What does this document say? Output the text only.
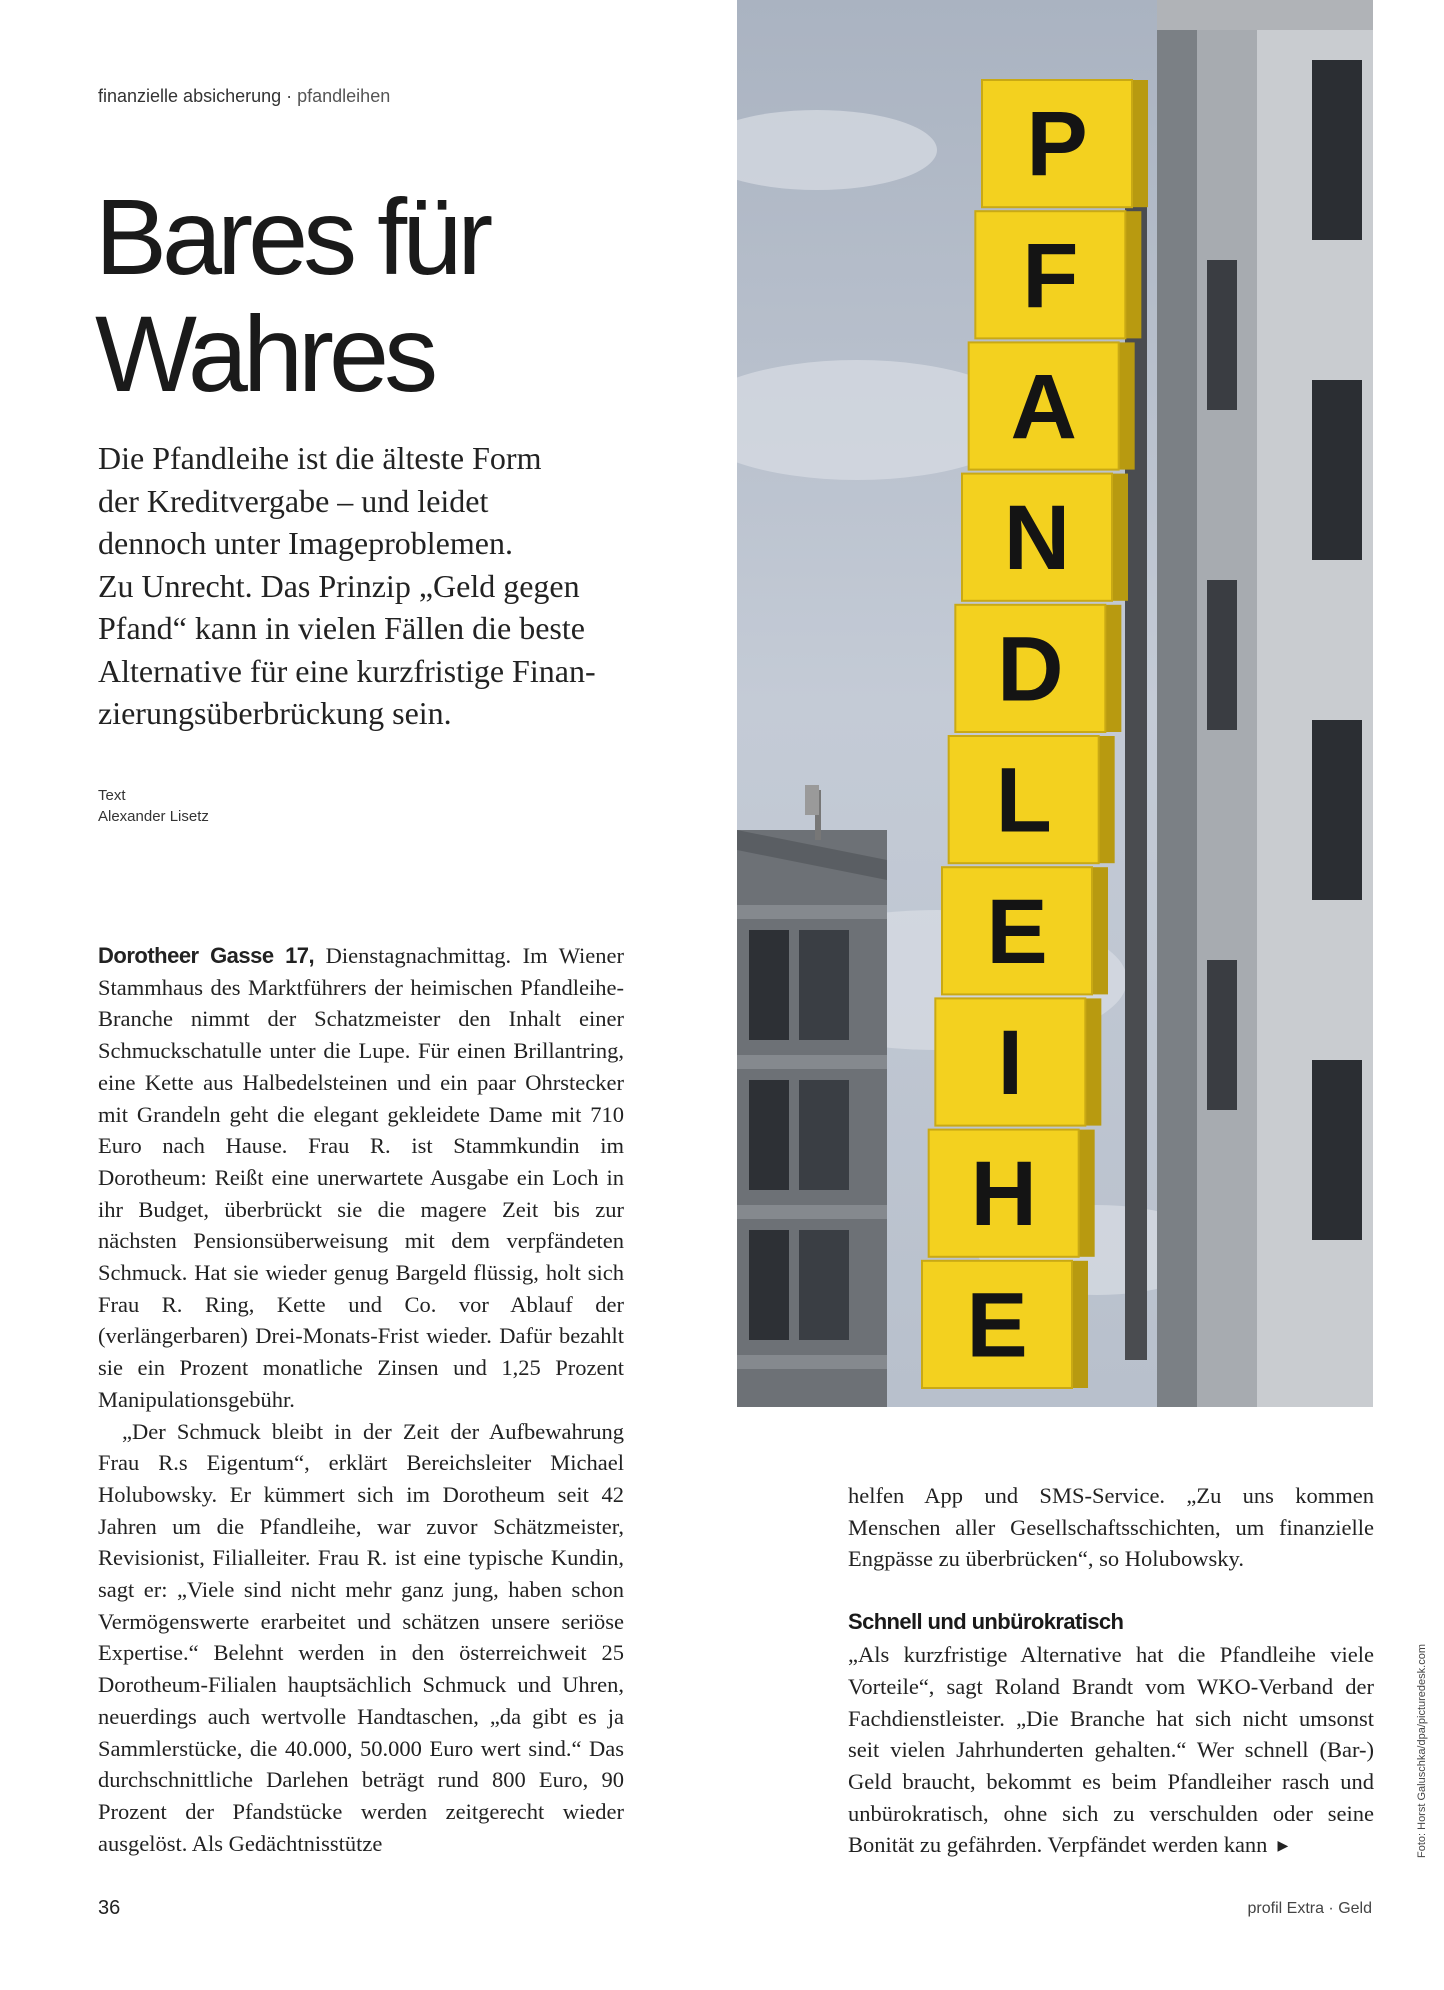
finanzielle absicherung · pfandleihen
Bares für
Wahres
Die Pfandleihe ist die älteste Form
der Kreditvergabe – und leidet
dennoch unter Imageproblemen.
Zu Unrecht. Das Prinzip „Geld gegen
Pfand“ kann in vielen Fällen die beste
Alternative für eine kurzfristige Finan-
zierungsüberbrückung sein.
Text
Alexander Lisetz

Dorotheer Gasse 17, Dienstagnachmittag. Im Wiener Stammhaus des Marktführers der heimischen Pfandleihe-Branche nimmt der Schatzmeister den Inhalt einer Schmuckschatulle unter die Lupe. Für einen Brillantring, eine Kette aus Halbedelsteinen und ein paar Ohrstecker mit Grandeln geht die elegant gekleidete Dame mit 710 Euro nach Hause. Frau R. ist Stammkundin im Dorotheum: Reißt eine unerwartete Ausgabe ein Loch in ihr Budget, überbrückt sie die magere Zeit bis zur nächsten Pensionsüberweisung mit dem verpfändeten Schmuck. Hat sie wieder genug Bargeld flüssig, holt sich Frau R. Ring, Kette und Co. vor Ablauf der (verlängerbaren) Drei-Monats-Frist wieder. Dafür bezahlt sie ein Prozent monatliche Zinsen und 1,25 Prozent Manipulationsgebühr.

„Der Schmuck bleibt in der Zeit der Aufbewahrung Frau R.s Eigentum“, erklärt Bereichsleiter Michael Holubowsky. Er kümmert sich im Dorotheum seit 42 Jahren um die Pfandleihe, war zuvor Schätzmeister, Revisionist, Filialleiter. Frau R. ist eine typische Kundin, sagt er: „Viele sind nicht mehr ganz jung, haben schon Vermögenswerte erarbeitet und schätzen unsere seriöse Expertise.“ Belehnt werden in den österreichweit 25 Dorotheum-Filialen hauptsächlich Schmuck und Uhren, neuerdings auch wertvolle Handtaschen, „da gibt es ja Sammlerstücke, die 40.000, 50.000 Euro wert sind.“ Das durchschnittliche Darlehen beträgt rund 800 Euro, 90 Prozent der Pfandstücke werden zeitgerecht wieder ausgelöst. Als Gedächtnisstütze

P
F
A
N
D
L
E
I
H
E

helfen App und SMS-Service. „Zu uns kommen Menschen aller Gesellschaftsschichten, um finanzielle Engpässe zu überbrücken“, so Holubowsky.

Schnell und unbürokratisch

„Als kurzfristige Alternative hat die Pfandleihe viele Vorteile“, sagt Roland Brandt vom WKO-Verband der Fachdienstleister. „Die Branche hat sich nicht umsonst seit vielen Jahrhunderten gehalten.“ Wer schnell (Bar-) Geld braucht, bekommt es beim Pfandleiher rasch und unbürokratisch, ohne sich zu verschulden oder seine Bonität zu gefährden. Verpfändet werden kann ▶	Foto: Horst Galuschka/dpa/picturedesk.com
36	profil Extra · Geld
